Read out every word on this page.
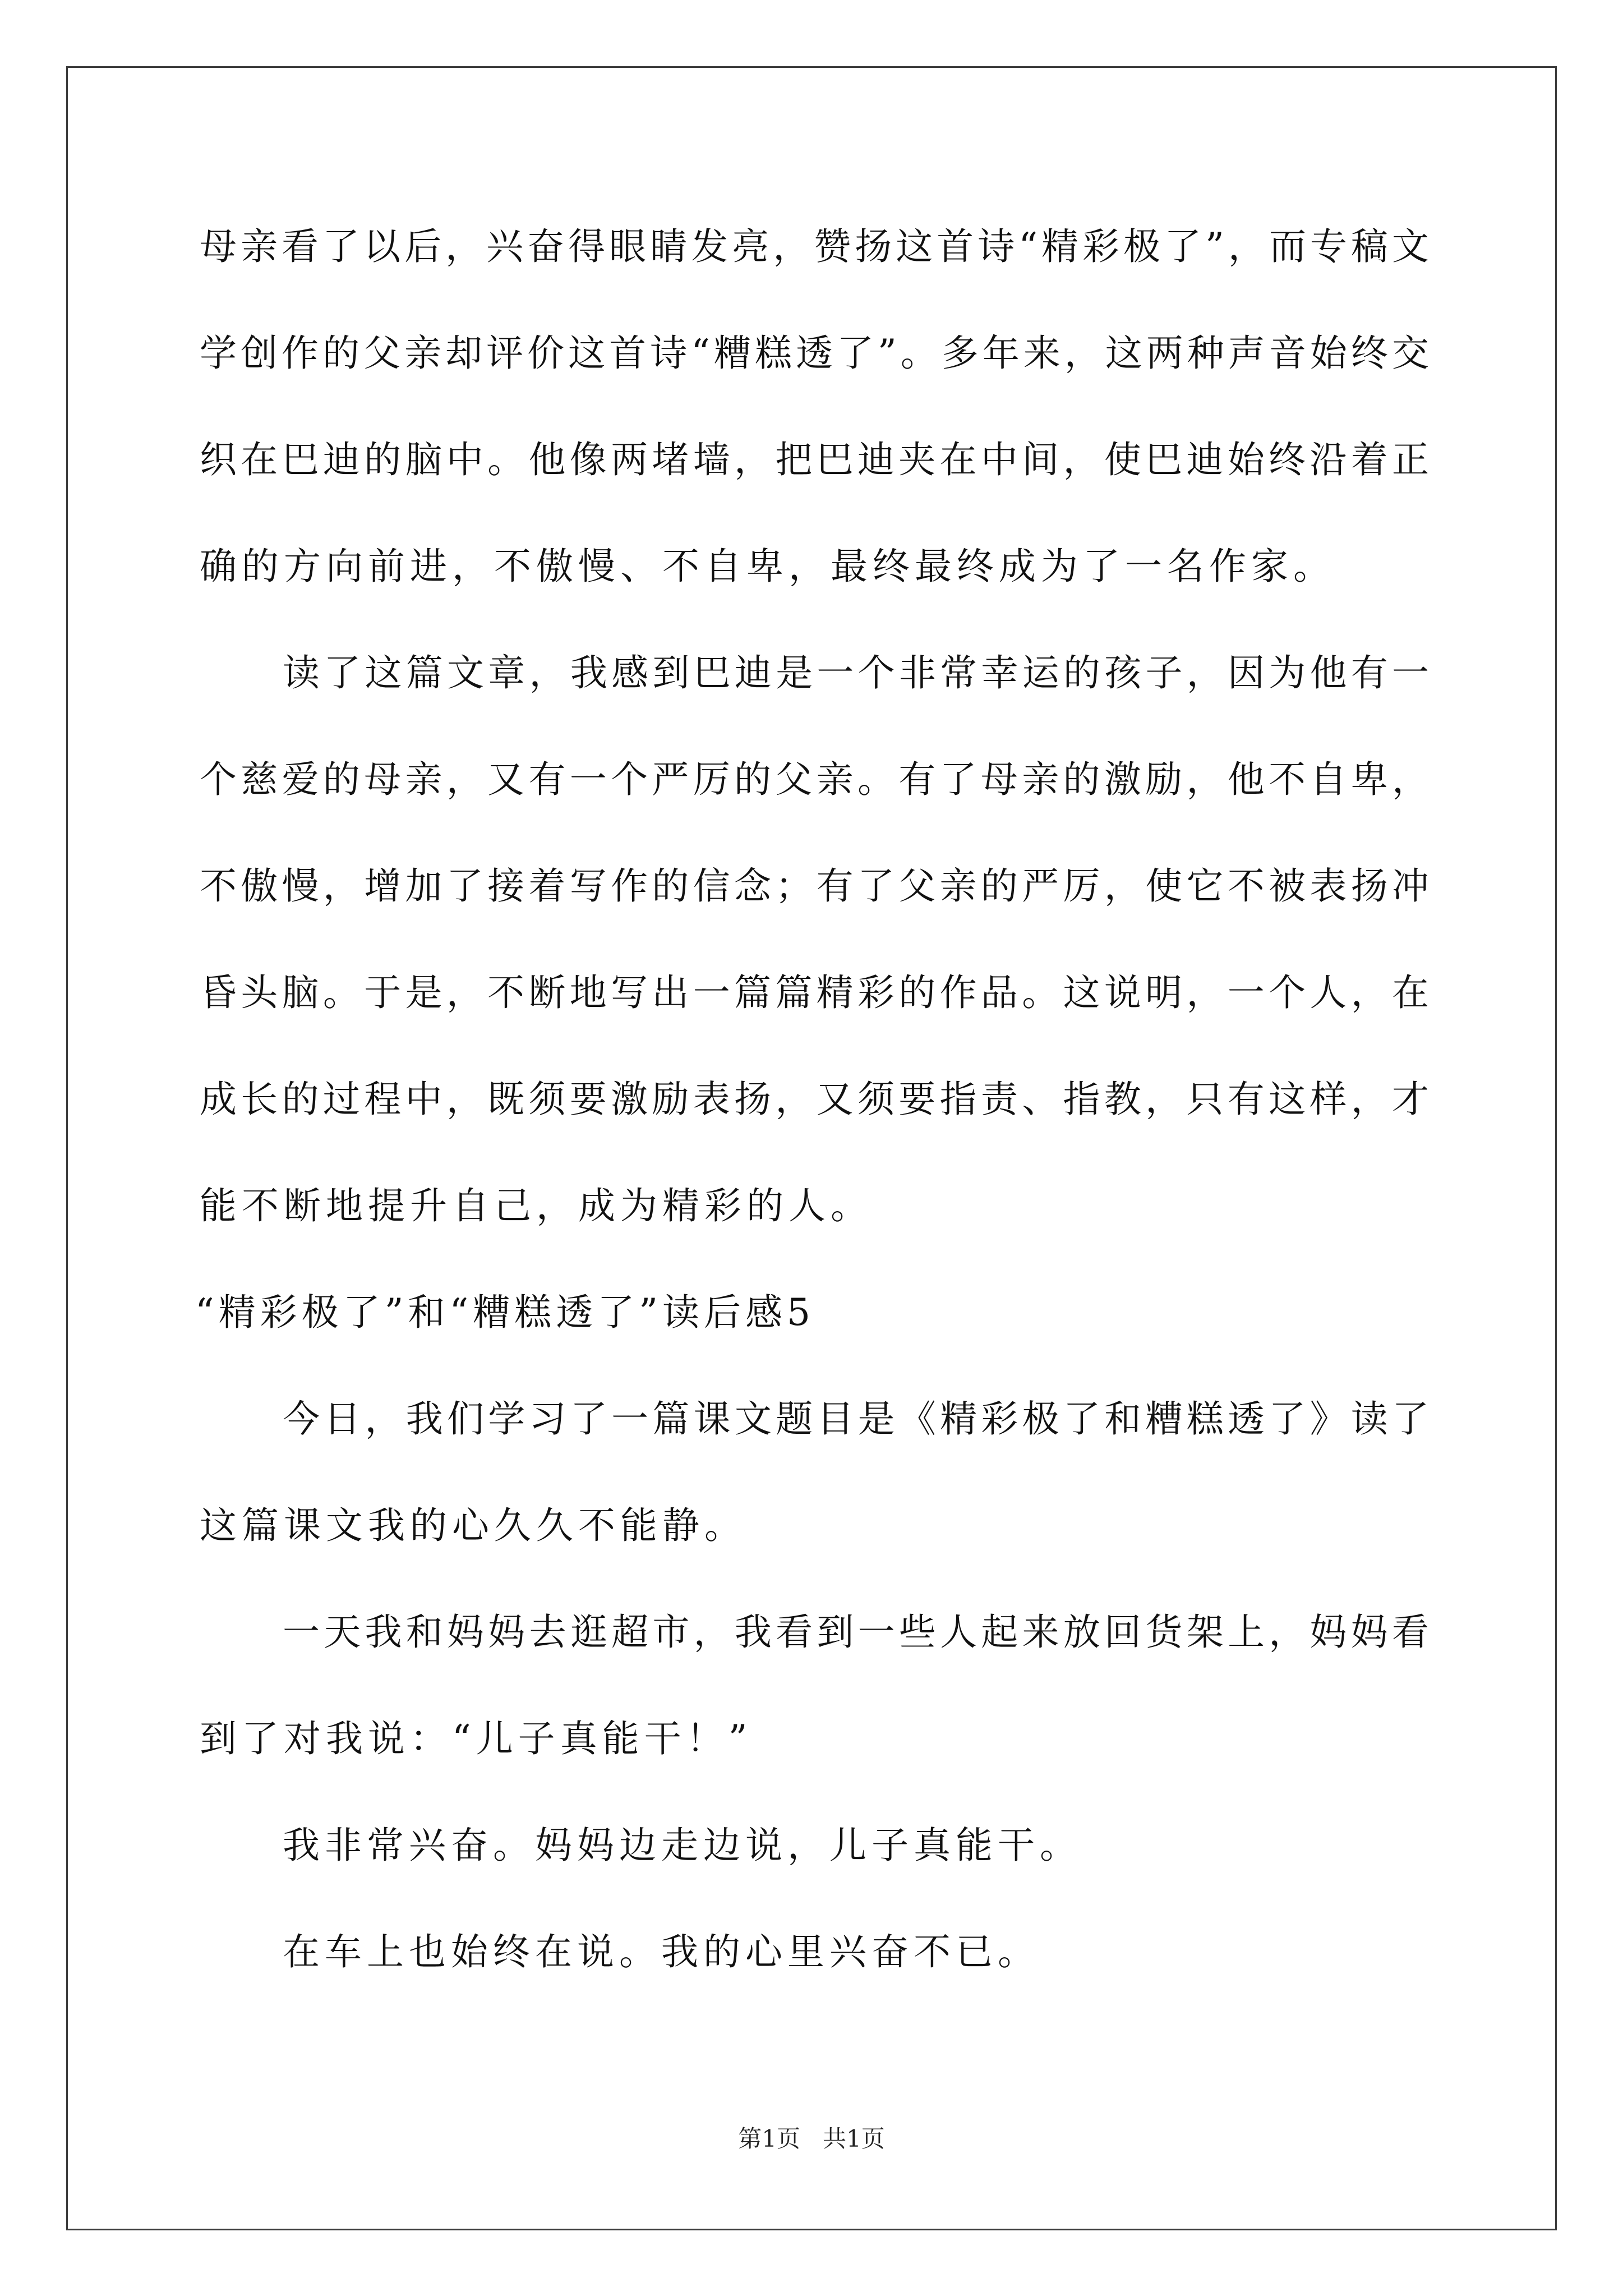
母亲看了以后，兴奋得眼睛发亮，赞扬这首诗“精彩极了”，而专稿文
学创作的父亲却评价这首诗“糟糕透了”。多年来，这两种声音始终交
织在巴迪的脑中。他像两堵墙，把巴迪夹在中间，使巴迪始终沿着正
确的方向前进，不傲慢、不自卑，最终最终成为了一名作家。
读了这篇文章，我感到巴迪是一个非常幸运的孩子，因为他有一
个慈爱的母亲，又有一个严厉的父亲。有了母亲的激励，他不自卑，
不傲慢，增加了接着写作的信念；有了父亲的严厉，使它不被表扬冲
昏头脑。于是，不断地写出一篇篇精彩的作品。这说明，一个人，在
成长的过程中，既须要激励表扬，又须要指责、指教，只有这样，才
能不断地提升自己，成为精彩的人。
“精彩极了”和“糟糕透了”读后感5
今日，我们学习了一篇课文题目是《精彩极了和糟糕透了》读了
这篇课文我的心久久不能静。
一天我和妈妈去逛超市，我看到一些人起来放回货架上，妈妈看
到了对我说：“儿子真能干！”
我非常兴奋。妈妈边走边说，儿子真能干。
在车上也始终在说。我的心里兴奋不已。
第1页   共1页
